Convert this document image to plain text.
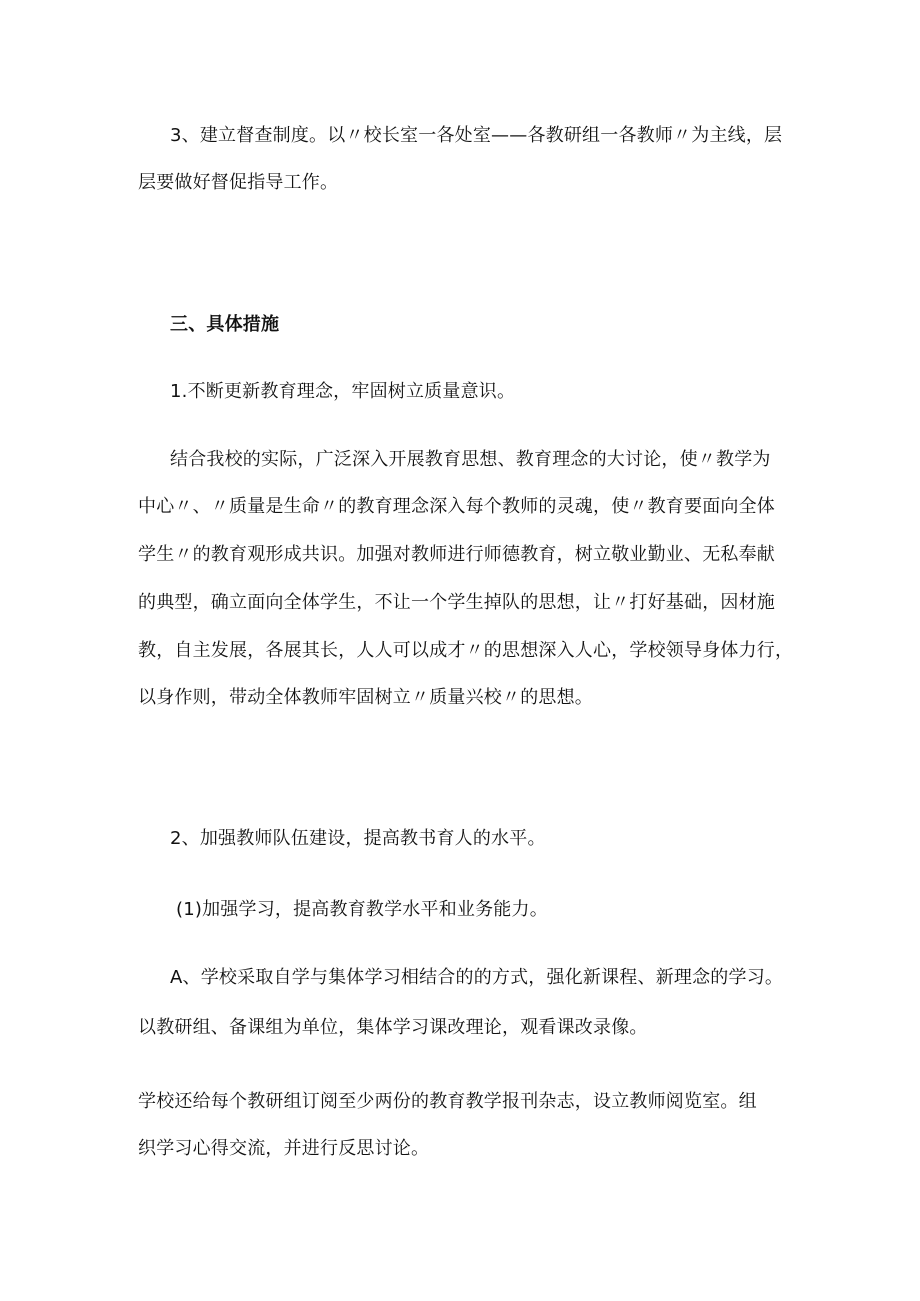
3、建立督查制度。以〃校长室一各处室——各教研组一各教师〃为主线，层
层要做好督促指导工作。
三、具体措施
1.不断更新教育理念，牢固树立质量意识。
结合我校的实际，广泛深入开展教育思想、教育理念的大讨论，使〃教学为
中心〃、〃质量是生命〃的教育理念深入每个教师的灵魂，使〃教育要面向全体
学生〃的教育观形成共识。加强对教师进行师德教育，树立敬业勤业、无私奉献
的典型，确立面向全体学生，不让一个学生掉队的思想，让〃打好基础，因材施
教，自主发展，各展其长，人人可以成才〃的思想深入人心，学校领导身体力行，
以身作则，带动全体教师牢固树立〃质量兴校〃的思想。
2、加强教师队伍建设，提高教书育人的水平。
(1)加强学习，提高教育教学水平和业务能力。
A、学校采取自学与集体学习相结合的的方式，强化新课程、新理念的学习。
以教研组、备课组为单位，集体学习课改理论，观看课改录像。
学校还给每个教研组订阅至少两份的教育教学报刊杂志，设立教师阅览室。组
织学习心得交流，并进行反思讨论。
